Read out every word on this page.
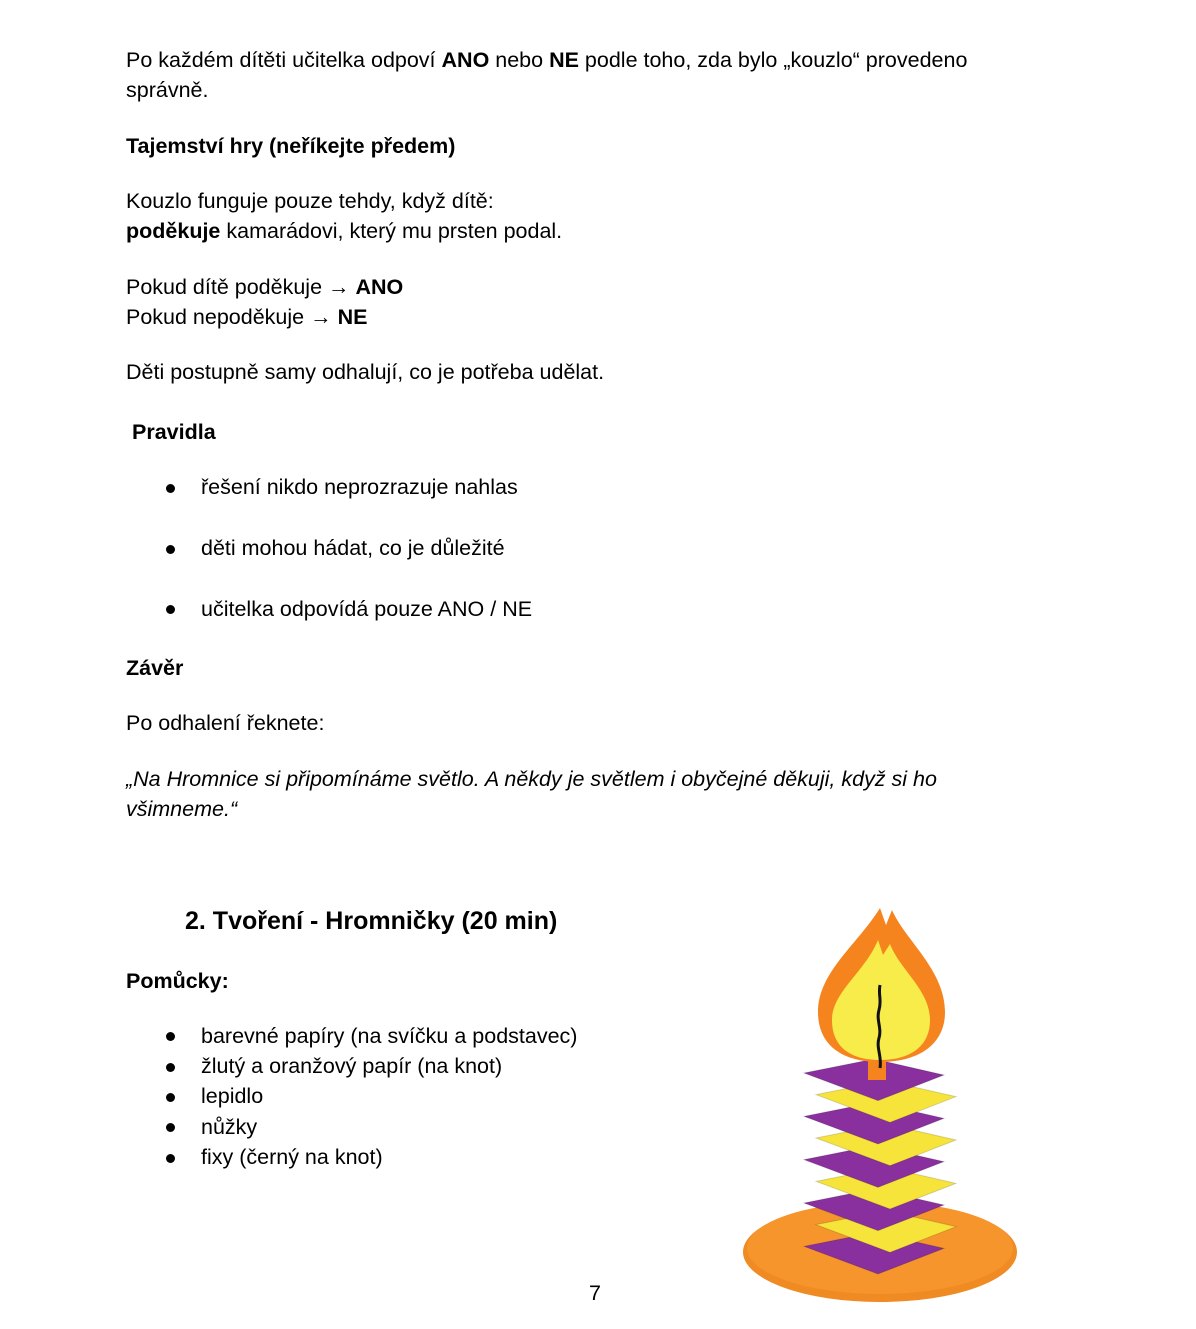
Po každém dítěti učitelka odpoví ANO nebo NE podle toho, zda bylo „kouzlo“ provedeno
správně.
Tajemství hry (neříkejte předem)
Kouzlo funguje pouze tehdy, když dítě:
poděkuje kamarádovi, který mu prsten podal.
Pokud dítě poděkuje → ANO
Pokud nepoděkuje → NE
Děti postupně samy odhalují, co je potřeba udělat.
Pravidla
řešení nikdo neprozrazuje nahlas
děti mohou hádat, co je důležité
učitelka odpovídá pouze ANO / NE
Závěr
Po odhalení řeknete:
„Na Hromnice si připomínáme světlo. A někdy je světlem i obyčejné děkuji, když si ho
všimneme.“
2. Tvoření - Hromničky (20 min)
Pomůcky:
barevné papíry (na svíčku a podstavec)
žlutý a oranžový papír (na knot)
lepidlo
nůžky
fixy (černý na knot)
7
